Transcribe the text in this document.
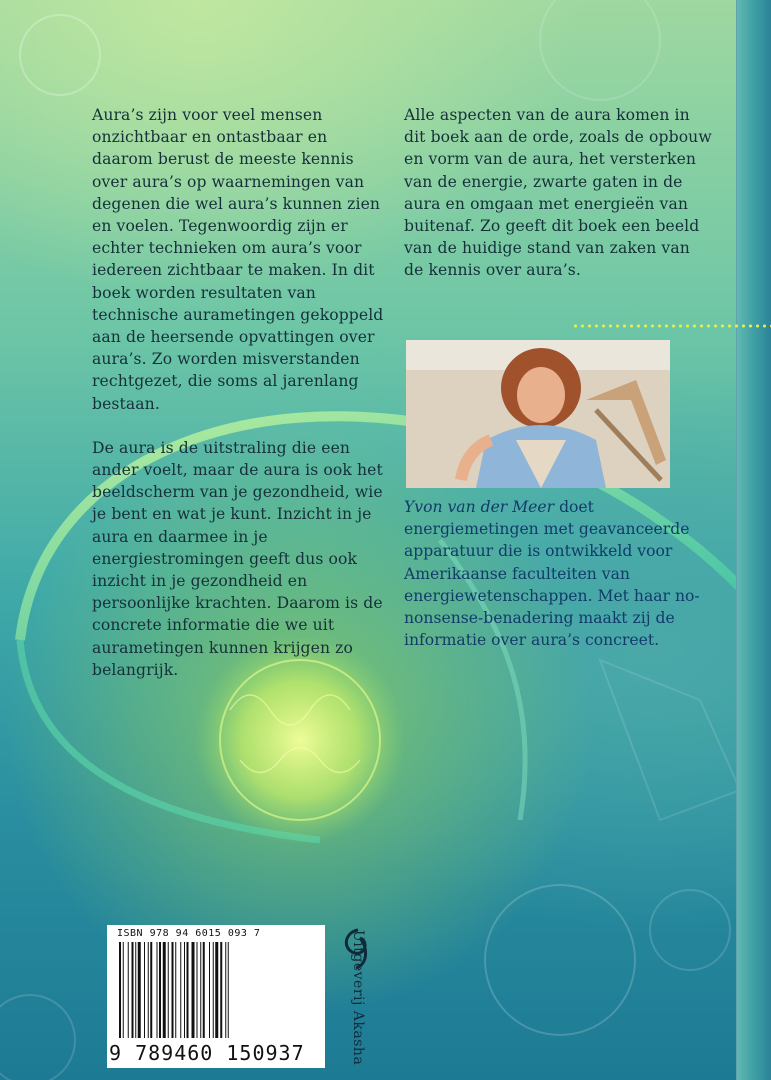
Aura’s zijn voor veel mensen onzichtbaar en ontastbaar en daarom berust de meeste kennis over aura’s op waarnemingen van degenen die wel aura’s kunnen zien en voelen. Tegenwoordig zijn er echter technieken om aura’s voor iedereen zichtbaar te maken. In dit boek worden resultaten van technische aurametingen gekoppeld aan de heersende opvattingen over aura’s. Zo worden misverstanden rechtgezet, die soms al jarenlang bestaan.

De aura is de uitstraling die een ander voelt, maar de aura is ook het beeldscherm van je gezondheid, wie je bent en wat je kunt. Inzicht in je aura en daarmee in je energiestromingen geeft dus ook inzicht in je gezondheid en persoonlijke krachten. Daarom is de concrete informatie die we uit aurametingen kunnen krijgen zo belangrijk.

Alle aspecten van de aura komen in dit boek aan de orde, zoals de opbouw en vorm van de aura, het versterken van de energie, zwarte gaten in de aura en omgaan met energieën van buitenaf. Zo geeft dit boek een beeld van de huidige stand van zaken van de kennis over aura’s.

Yvon van der Meer doet energiemetingen met geavanceerde apparatuur die is ontwikkeld voor Amerikaanse faculteiten van energiewetenschappen. Met haar no-nonsense-benadering maakt zij de informatie over aura’s concreet.
ISBN 978 94 6015 093 7
9 789460 150937	Uitgeverij Akasha
